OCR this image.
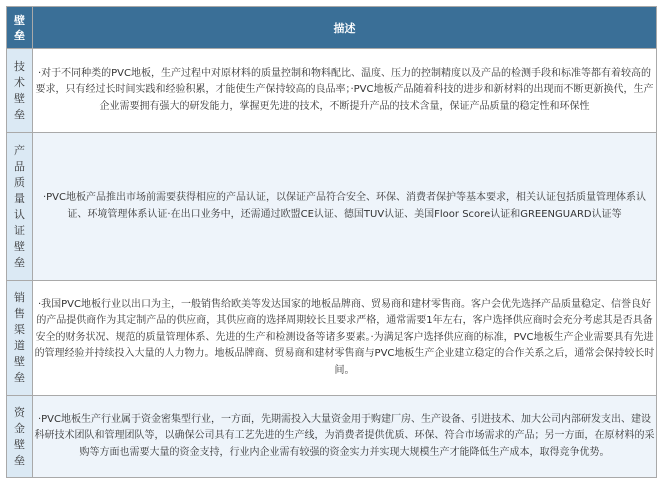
壁垒	描述
技术壁垒	·对于不同种类的PVC地板，生产过程中对原材料的质量控制和物料配比、温度、压力的控制精度以及产品的检测手段和标准等都有着较高的要求，只有经过长时间实践和经验积累，才能使生产保持较高的良品率；·PVC地板产品随着科技的进步和新材料的出现而不断更新换代，生产企业需要拥有强大的研发能力，掌握更先进的技术，不断提升产品的技术含量，保证产品质量的稳定性和环保性
产品质量认证壁垒	·PVC地板产品推出市场前需要获得相应的产品认证，以保证产品符合安全、环保、消费者保护等基本要求，相关认证包括质量管理体系认证、环境管理体系认证·在出口业务中，还需通过欧盟CE认证、德国TUV认证、美国Floor Score认证和GREENGUARD认证等
销售渠道壁垒	·我国PVC地板行业以出口为主，一般销售给欧美等发达国家的地板品牌商、贸易商和建材零售商。客户会优先选择产品质量稳定、信誉良好的产品提供商作为其定制产品的供应商，其供应商的选择周期较长且要求严格，通常需要1年左右，客户选择供应商时会充分考虑其是否具备安全的财务状况、规范的质量管理体系、先进的生产和检测设备等诸多要素。·为满足客户选择供应商的标准，PVC地板生产企业需要具有先进的管理经验并持续投入大量的人力物力。地板品牌商、贸易商和建材零售商与PVC地板生产企业建立稳定的合作关系之后，通常会保持较长时间。
资金壁垒	·PVC地板生产行业属于资金密集型行业，一方面，先期需投入大量资金用于购建厂房、生产设备、引进技术、加大公司内部研发支出、建设科研技术团队和管理团队等，以确保公司具有工艺先进的生产线，为消费者提供优质、环保、符合市场需求的产品；另一方面，在原材料的采购等方面也需要大量的资金支持，行业内企业需有较强的资金实力并实现大规模生产才能降低生产成本，取得竞争优势。
